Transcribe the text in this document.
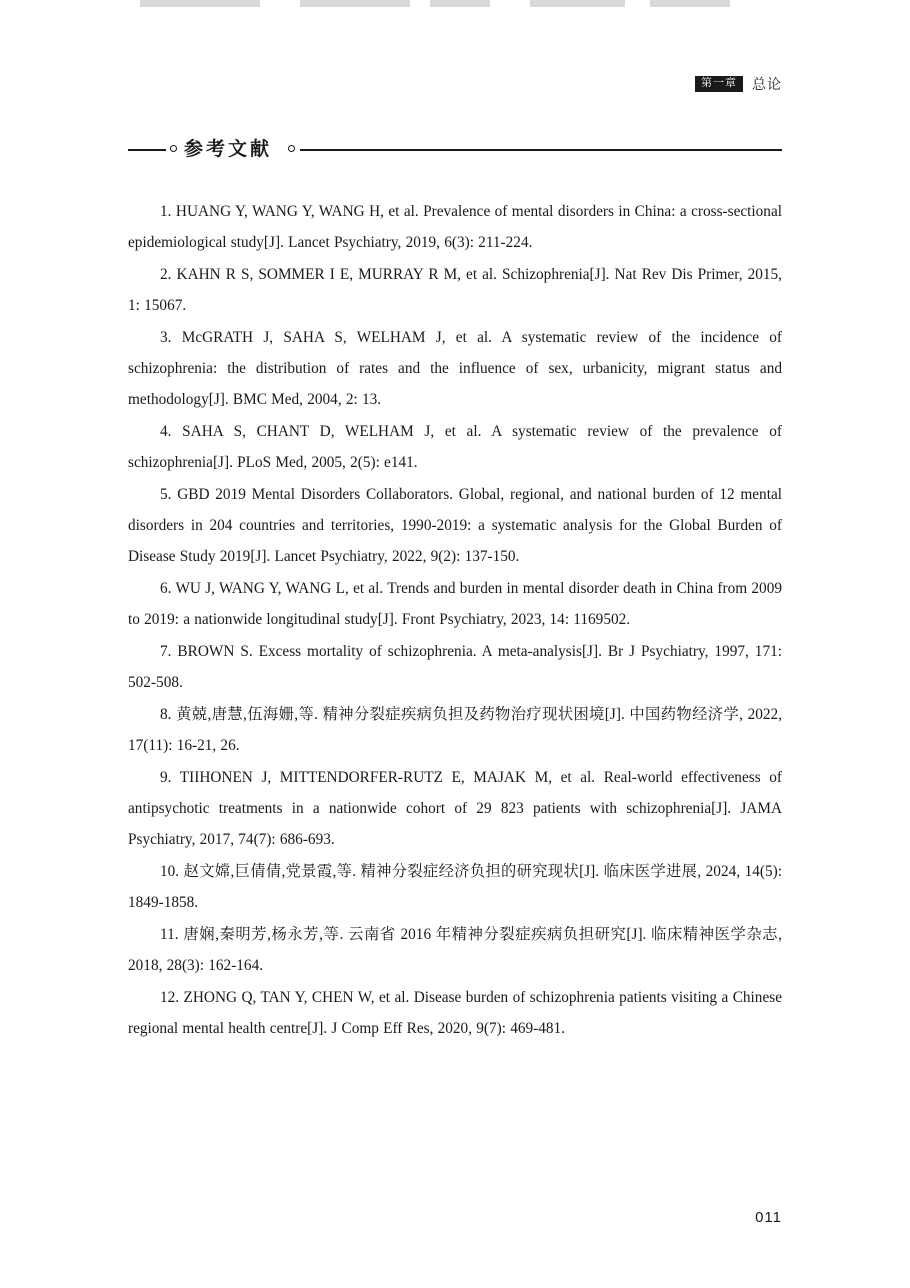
第一章	总论
参考文献

1. HUANG Y, WANG Y, WANG H, et al. Prevalence of mental disorders in China: a cross-sectional epidemiological study[J]. Lancet Psychiatry, 2019, 6(3): 211-224.

2. KAHN R S, SOMMER I E, MURRAY R M, et al. Schizophrenia[J]. Nat Rev Dis Primer, 2015, 1: 15067.

3. McGRATH J, SAHA S, WELHAM J, et al. A systematic review of the incidence of schizophrenia: the distribution of rates and the influence of sex, urbanicity, migrant status and methodology[J]. BMC Med, 2004, 2: 13.

4. SAHA S, CHANT D, WELHAM J, et al. A systematic review of the prevalence of schizophrenia[J]. PLoS Med, 2005, 2(5): e141.

5. GBD 2019 Mental Disorders Collaborators. Global, regional, and national burden of 12 mental disorders in 204 countries and territories, 1990-2019: a systematic analysis for the Global Burden of Disease Study 2019[J]. Lancet Psychiatry, 2022, 9(2): 137-150.

6. WU J, WANG Y, WANG L, et al. Trends and burden in mental disorder death in China from 2009 to 2019: a nationwide longitudinal study[J]. Front Psychiatry, 2023, 14: 1169502.

7. BROWN S. Excess mortality of schizophrenia. A meta-analysis[J]. Br J Psychiatry, 1997, 171: 502-508.

8. 黄兢,唐慧,伍海姗,等. 精神分裂症疾病负担及药物治疗现状困境[J]. 中国药物经济学, 2022, 17(11): 16-21, 26.

9. TIIHONEN J, MITTENDORFER-RUTZ E, MAJAK M, et al. Real-world effectiveness of antipsychotic treatments in a nationwide cohort of 29 823 patients with schizophrenia[J]. JAMA Psychiatry, 2017, 74(7): 686-693.

10. 赵文嫦,巨倩倩,党景霞,等. 精神分裂症经济负担的研究现状[J]. 临床医学进展, 2024, 14(5): 1849-1858.

11. 唐娴,秦明芳,杨永芳,等. 云南省 2016 年精神分裂症疾病负担研究[J]. 临床精神医学杂志, 2018, 28(3): 162-164.

12. ZHONG Q, TAN Y, CHEN W, et al. Disease burden of schizophrenia patients visiting a Chinese regional mental health centre[J]. J Comp Eff Res, 2020, 9(7): 469-481.

011
